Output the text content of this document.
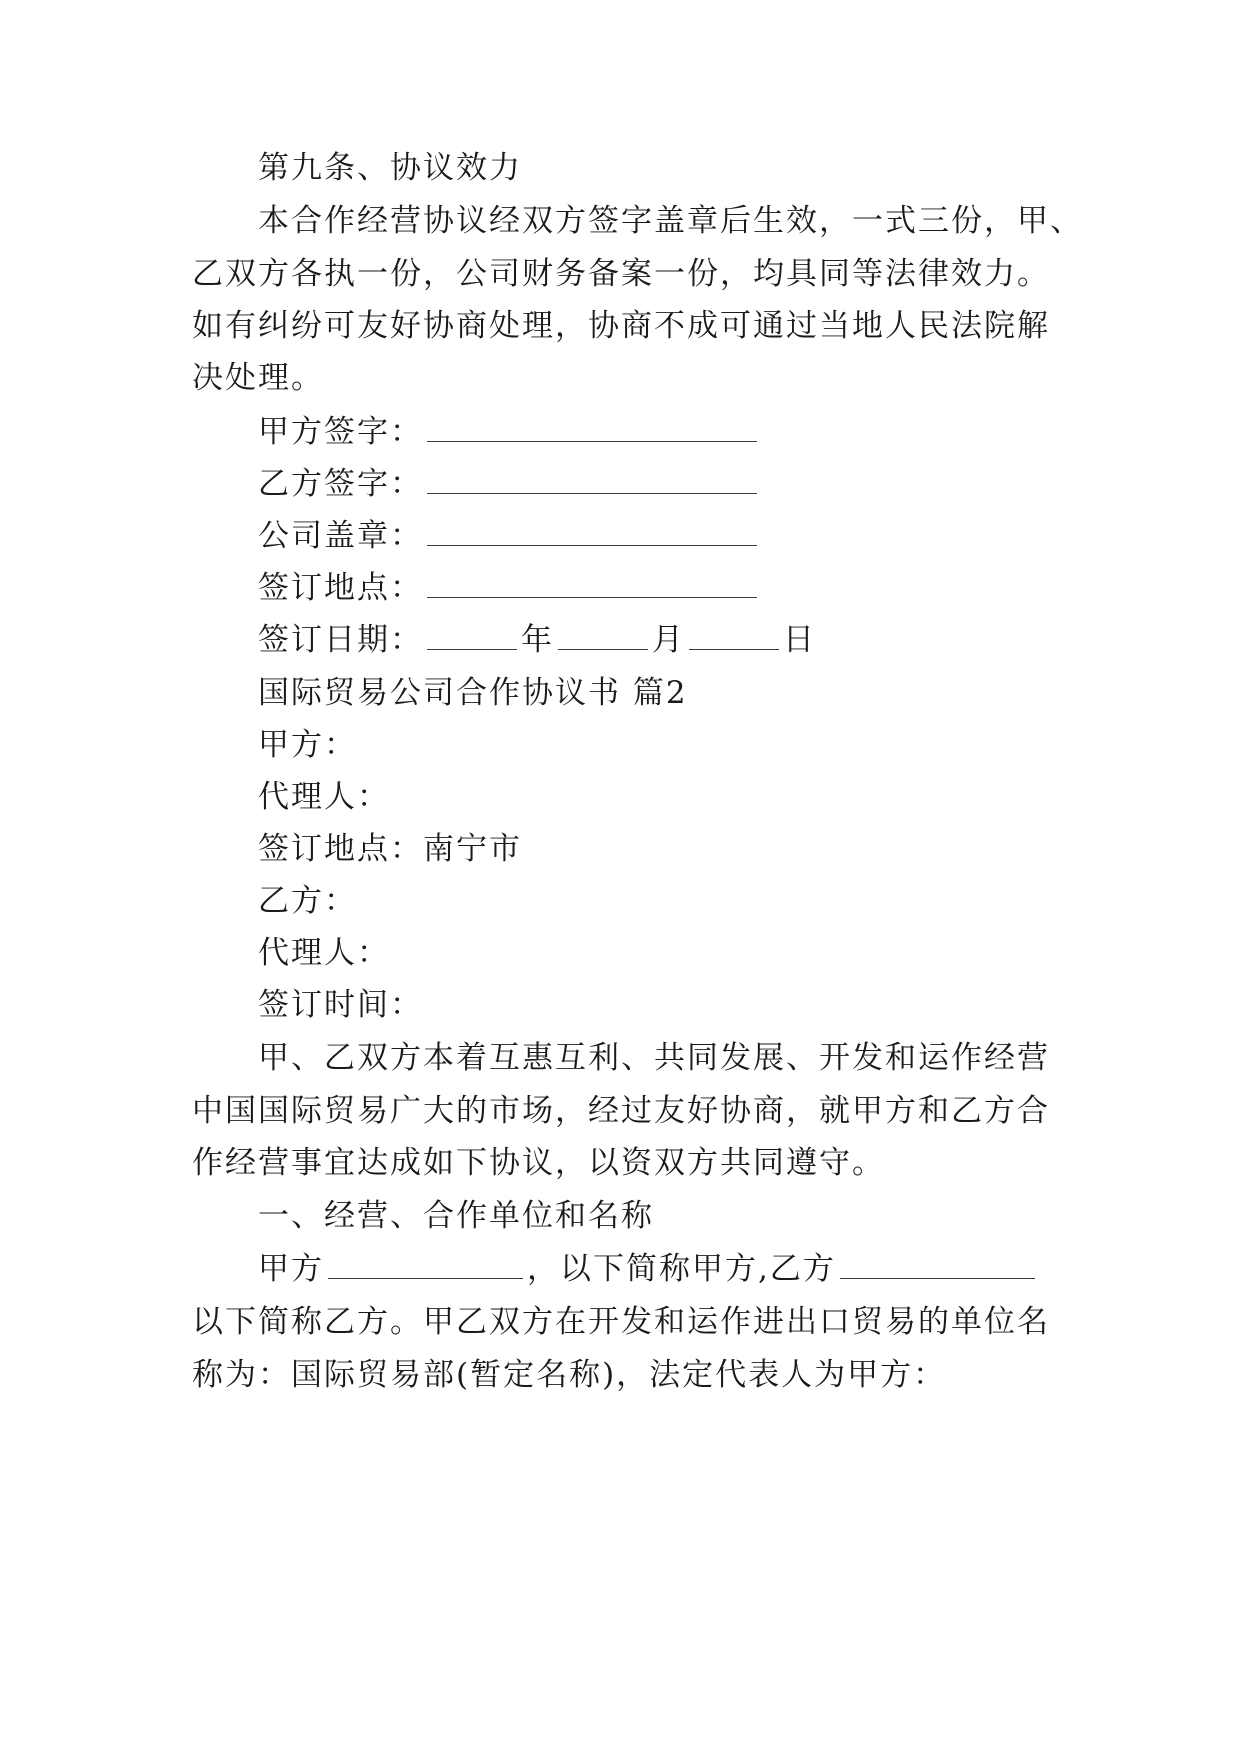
第九条、协议效力
本合作经营协议经双方签字盖章后生效，一式三份，甲、
乙双方各执一份，公司财务备案一份，均具同等法律效力。
如有纠纷可友好协商处理，协商不成可通过当地人民法院解
决处理。
甲方签字：
乙方签字：
公司盖章：
签订地点：
签订日期：	年	月	日
国际贸易公司合作协议书 篇2
甲方：
代理人：
签订地点：南宁市
乙方：
代理人：
签订时间：
甲、乙双方本着互惠互利、共同发展、开发和运作经营
中国国际贸易广大的市场，经过友好协商，就甲方和乙方合
作经营事宜达成如下协议，以资双方共同遵守。
一、经营、合作单位和名称
甲方	，以下简称甲方,乙方
以下简称乙方。甲乙双方在开发和运作进出口贸易的单位名
称为：国际贸易部(暂定名称)，法定代表人为甲方：
